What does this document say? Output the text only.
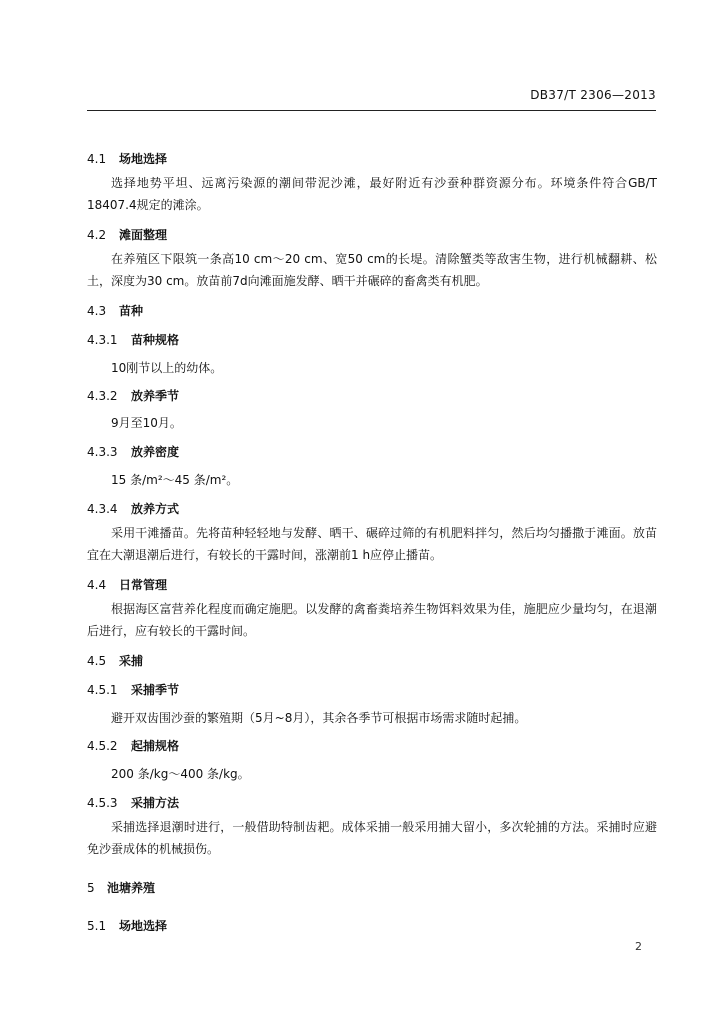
DB37/T 2306—2013
4.1 场地选择
选择地势平坦、远离污染源的潮间带泥沙滩，最好附近有沙蚕种群资源分布。环境条件符合GB/T 18407.4规定的滩涂。
4.2 滩面整理
在养殖区下限筑一条高10 cm～20 cm、宽50 cm的长堤。清除蟹类等敌害生物，进行机械翻耕、松土，深度为30 cm。放苗前7d向滩面施发酵、晒干并碾碎的畜禽类有机肥。
4.3 苗种
4.3.1 苗种规格
10刚节以上的幼体。
4.3.2 放养季节
9月至10月。
4.3.3 放养密度
15 条/m²～45 条/m²。
4.3.4 放养方式
采用干滩播苗。先将苗种轻轻地与发酵、晒干、碾碎过筛的有机肥料拌匀，然后均匀播撒于滩面。放苗宜在大潮退潮后进行，有较长的干露时间，涨潮前1 h应停止播苗。
4.4 日常管理
根据海区富营养化程度而确定施肥。以发酵的禽畜粪培养生物饵料效果为佳，施肥应少量均匀，在退潮后进行，应有较长的干露时间。
4.5 采捕
4.5.1 采捕季节
避开双齿围沙蚕的繁殖期（5月~8月），其余各季节可根据市场需求随时起捕。
4.5.2 起捕规格
200 条/kg～400 条/kg。
4.5.3 采捕方法
采捕选择退潮时进行，一般借助特制齿耙。成体采捕一般采用捕大留小，多次轮捕的方法。采捕时应避免沙蚕成体的机械损伤。
5 池塘养殖
5.1 场地选择
2
